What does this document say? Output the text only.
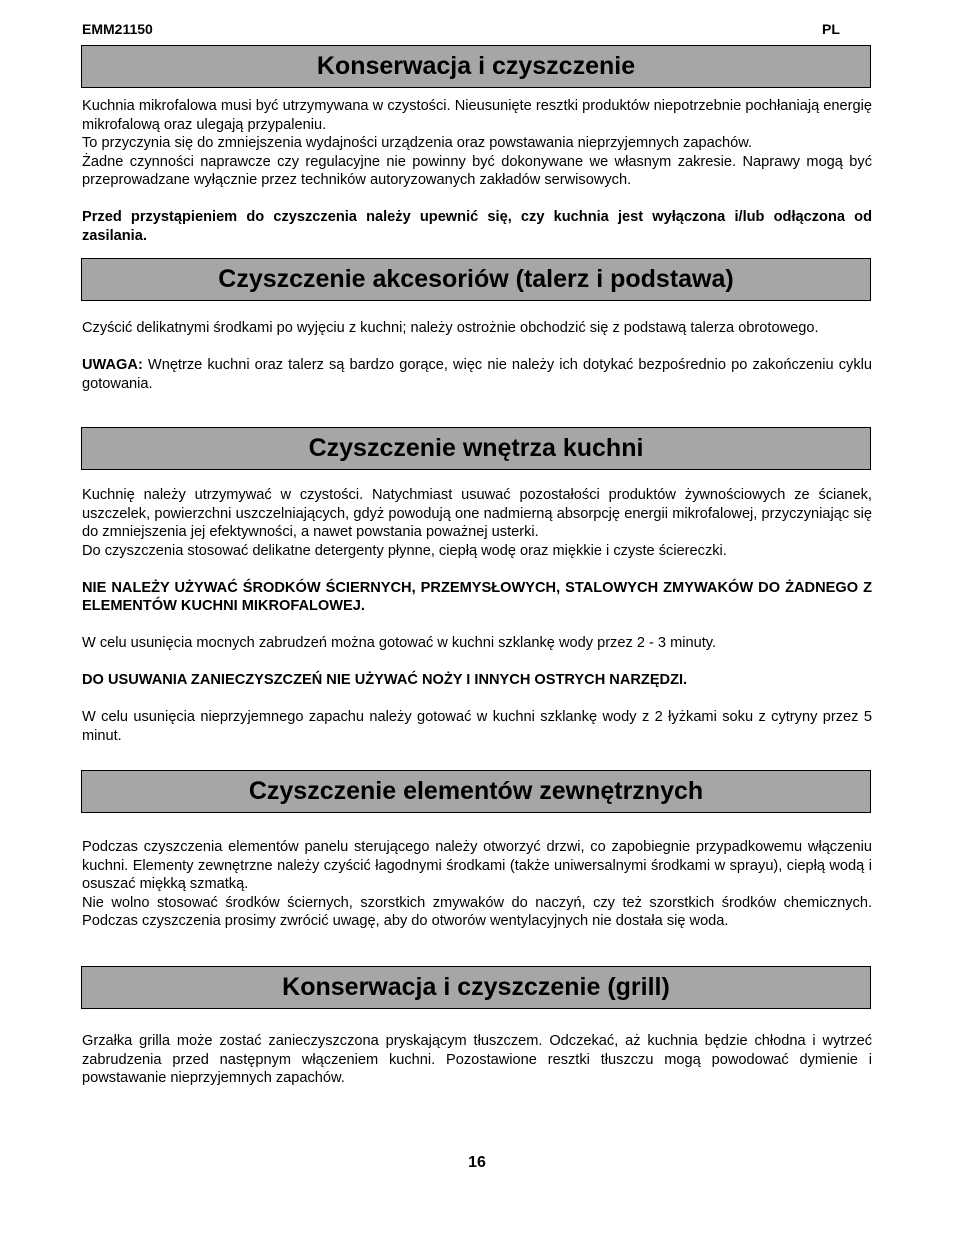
EMM21150	PL
Konserwacja i czyszczenie

Kuchnia mikrofalowa musi być utrzymywana w czystości. Nieusunięte resztki produktów niepotrzebnie pochłaniają energię mikrofalową oraz ulegają przypaleniu.

To przyczynia się do zmniejszenia wydajności urządzenia oraz powstawania nieprzyjemnych zapachów.

Żadne czynności naprawcze czy regulacyjne nie powinny być dokonywane we własnym zakresie. Naprawy mogą być przeprowadzane wyłącznie przez techników autoryzowanych zakładów serwisowych.

Przed przystąpieniem do czyszczenia należy upewnić się, czy kuchnia jest wyłączona i/lub odłączona od zasilania.

Czyszczenie akcesoriów (talerz i podstawa)

Czyścić delikatnymi środkami po wyjęciu z kuchni; należy ostrożnie obchodzić się z podstawą talerza obrotowego.

UWAGA: Wnętrze kuchni oraz talerz są bardzo gorące, więc nie należy ich dotykać bezpośrednio po zakończeniu cyklu gotowania.

Czyszczenie wnętrza kuchni

Kuchnię należy utrzymywać w czystości. Natychmiast usuwać pozostałości produktów żywnościowych ze ścianek, uszczelek, powierzchni uszczelniających, gdyż powodują one nadmierną absorpcję energii mikrofalowej, przyczyniając się do zmniejszenia jej efektywności, a nawet powstania poważnej usterki.

Do czyszczenia stosować delikatne detergenty płynne, ciepłą wodę oraz miękkie i czyste ściereczki.

NIE NALEŻY UŻYWAĆ ŚRODKÓW ŚCIERNYCH, PRZEMYSŁOWYCH, STALOWYCH ZMYWAKÓW DO ŻADNEGO Z ELEMENTÓW KUCHNI MIKROFALOWEJ.

W celu usunięcia mocnych zabrudzeń można gotować w kuchni szklankę wody przez 2 - 3 minuty.

DO USUWANIA ZANIECZYSZCZEŃ NIE UŻYWAĆ NOŻY I INNYCH OSTRYCH NARZĘDZI.

W celu usunięcia nieprzyjemnego zapachu należy gotować w kuchni szklankę wody z 2 łyżkami soku z cytryny przez 5 minut.

Czyszczenie elementów zewnętrznych

Podczas czyszczenia elementów panelu sterującego należy otworzyć drzwi, co zapobiegnie przypadkowemu włączeniu kuchni. Elementy zewnętrzne należy czyścić łagodnymi środkami (także uniwersalnymi środkami w sprayu), ciepłą wodą i osuszać miękką szmatką.

Nie wolno stosować środków ściernych, szorstkich zmywaków do naczyń, czy też szorstkich środków chemicznych. Podczas czyszczenia prosimy zwrócić uwagę, aby do otworów wentylacyjnych nie dostała się woda.

Konserwacja i czyszczenie (grill)

Grzałka grilla może zostać zanieczyszczona pryskającym tłuszczem. Odczekać, aż kuchnia będzie chłodna i wytrzeć zabrudzenia przed następnym włączeniem kuchni. Pozostawione resztki tłuszczu mogą powodować dymienie i powstawanie nieprzyjemnych zapachów.

16
